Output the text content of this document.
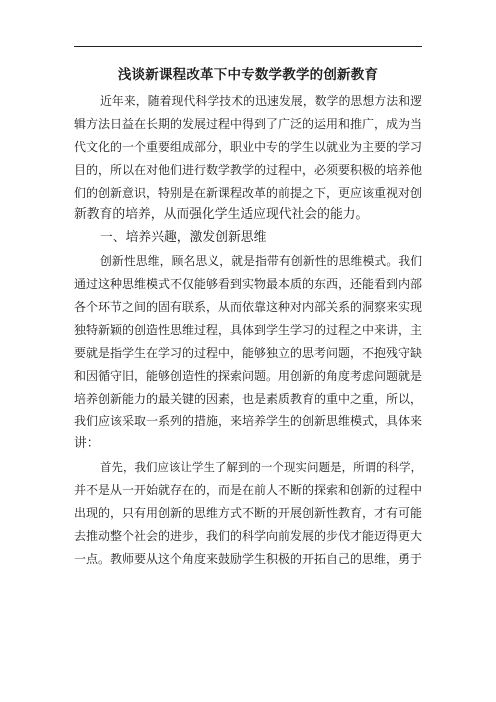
浅谈新课程改革下中专数学教学的创新教育
近年来，随着现代科学技术的迅速发展，数学的思想方法和逻
辑方法日益在长期的发展过程中得到了广泛的运用和推广，成为当
代文化的一个重要组成部分，职业中专的学生以就业为主要的学习
目的，所以在对他们进行数学教学的过程中，必须要积极的培养他
们的创新意识，特别是在新课程改革的前提之下，更应该重视对创
新教育的培养，从而强化学生适应现代社会的能力。
一、培养兴趣，激发创新思维
创新性思维，顾名思义，就是指带有创新性的思维模式。我们
通过这种思维模式不仅能够看到实物最本质的东西，还能看到内部
各个环节之间的固有联系，从而依靠这种对内部关系的洞察来实现
独特新颖的创造性思维过程，具体到学生学习的过程之中来讲，主
要就是指学生在学习的过程中，能够独立的思考问题，不抱残守缺
和因循守旧，能够创造性的探索问题。用创新的角度考虑问题就是
培养创新能力的最关键的因素，也是素质教育的重中之重，所以，
我们应该采取一系列的措施，来培养学生的创新思维模式，具体来
讲：
首先，我们应该让学生了解到的一个现实问题是，所谓的科学，
并不是从一开始就存在的，而是在前人不断的探索和创新的过程中
出现的，只有用创新的思维方式不断的开展创新性教育，才有可能
去推动整个社会的进步，我们的科学向前发展的步伐才能迈得更大
一点。教师要从这个角度来鼓励学生积极的开拓自己的思维，勇于
